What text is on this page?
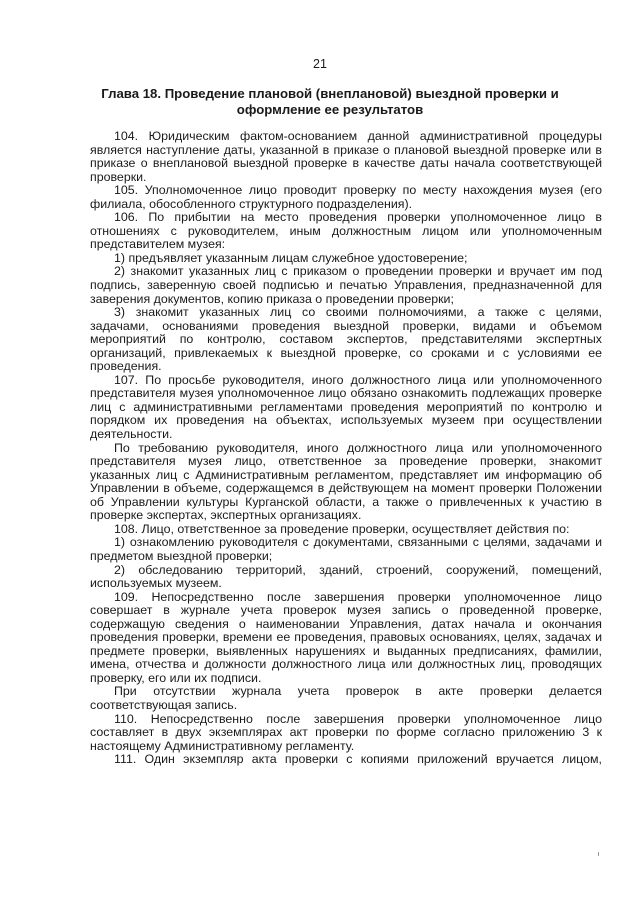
21
Глава 18. Проведение плановой (внеплановой) выездной проверки и
оформление ее результатов
104. Юридическим фактом-основанием данной административной процедуры
является наступление даты, указанной в приказе о плановой выездной проверке или в
приказе о внеплановой выездной проверке в качестве даты начала соответствующей
проверки.
105. Уполномоченное лицо проводит проверку по месту нахождения музея (его
филиала, обособленного структурного подразделения).
106. По прибытии на место проведения проверки уполномоченное лицо в
отношениях с руководителем, иным должностным лицом или уполномоченным
представителем музея:
1) предъявляет указанным лицам служебное удостоверение;
2) знакомит указанных лиц с приказом о проведении проверки и вручает им под
подпись, заверенную своей подписью и печатью Управления, предназначенной для
заверения документов, копию приказа о проведении проверки;
3) знакомит указанных лиц со своими полномочиями, а также с целями,
задачами, основаниями проведения выездной проверки, видами и объемом
мероприятий по контролю, составом экспертов, представителями экспертных
организаций, привлекаемых к выездной проверке, со сроками и с условиями ее
проведения.
107. По просьбе руководителя, иного должностного лица или уполномоченного
представителя музея уполномоченное лицо обязано ознакомить подлежащих проверке
лиц с административными регламентами проведения мероприятий по контролю и
порядком их проведения на объектах, используемых музеем при осуществлении
деятельности.
По требованию руководителя, иного должностного лица или уполномоченного
представителя музея лицо, ответственное за проведение проверки, знакомит
указанных лиц с Административным регламентом, представляет им информацию об
Управлении в объеме, содержащемся в действующем на момент проверки Положении
об Управлении культуры Курганской области, а также о привлеченных к участию в
проверке экспертах, экспертных организациях.
108. Лицо, ответственное за проведение проверки, осуществляет действия по:
1) ознакомлению руководителя с документами, связанными с целями, задачами и
предметом выездной проверки;
2) обследованию территорий, зданий, строений, сооружений, помещений,
используемых музеем.
109. Непосредственно после завершения проверки уполномоченное лицо
совершает в журнале учета проверок музея запись о проведенной проверке,
содержащую сведения о наименовании Управления, датах начала и окончания
проведения проверки, времени ее проведения, правовых основаниях, целях, задачах и
предмете проверки, выявленных нарушениях и выданных предписаниях, фамилии,
имена, отчества и должности должностного лица или должностных лиц, проводящих
проверку, его или их подписи.
При отсутствии журнала учета проверок в акте проверки делается
соответствующая запись.
110. Непосредственно после завершения проверки уполномоченное лицо
составляет в двух экземплярах акт проверки по форме согласно приложению 3 к
настоящему Административному регламенту.
111. Один экземпляр акта проверки с копиями приложений вручается лицом,
